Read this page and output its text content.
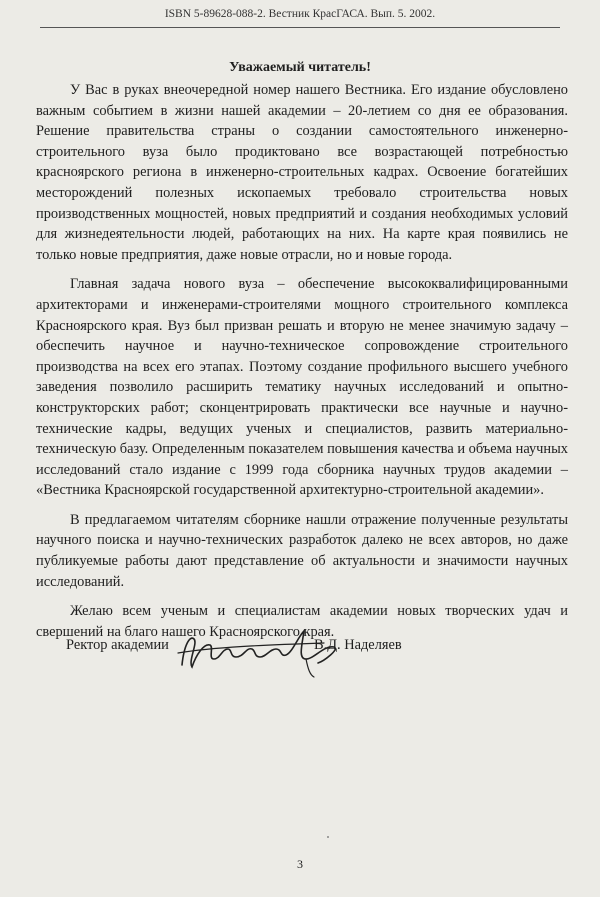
ISBN 5-89628-088-2. Вестник КрасГАСА. Вып. 5. 2002.
Уважаемый читатель!

У Вас в руках внеочередной номер нашего Вестника. Его издание обусловлено важным событием в жизни нашей академии – 20-летием со дня ее образования. Решение правительства страны о создании самостоятельного инженерно-строительного вуза было продиктовано все возрастающей потребностью красноярского региона в инженерно-строительных кадрах. Освоение богатейших месторождений полезных ископаемых требовало строительства новых производственных мощностей, новых предприятий и создания необходимых условий для жизнедеятельности людей, работающих на них. На карте края появились не только новые предприятия, даже новые отрасли, но и новые города.

Главная задача нового вуза – обеспечение высококвалифицированными архитекторами и инженерами-строителями мощного строительного комплекса Красноярского края. Вуз был призван решать и вторую не менее значимую задачу – обеспечить научное и научно-техническое сопровождение строительного производства на всех его этапах. Поэтому создание профильного высшего учебного заведения позволило расширить тематику научных исследований и опытно-конструкторских работ; сконцентрировать практически все научные и научно-технические кадры, ведущих ученых и специалистов, развить материально-техническую базу. Определенным показателем повышения качества и объема научных исследований стало издание с 1999 года сборника научных трудов академии – «Вестника Красноярской государственной архитектурно-строительной академии».

В предлагаемом читателям сборнике нашли отражение полученные результаты научного поиска и научно-технических разработок далеко не всех авторов, но даже публикуемые работы дают представление об актуальности и значимости научных исследований.

Желаю всем ученым и специалистам академии новых творческих удач и свершений на благо нашего Красноярского края.

Ректор академии	В.Д. Наделяев
3
